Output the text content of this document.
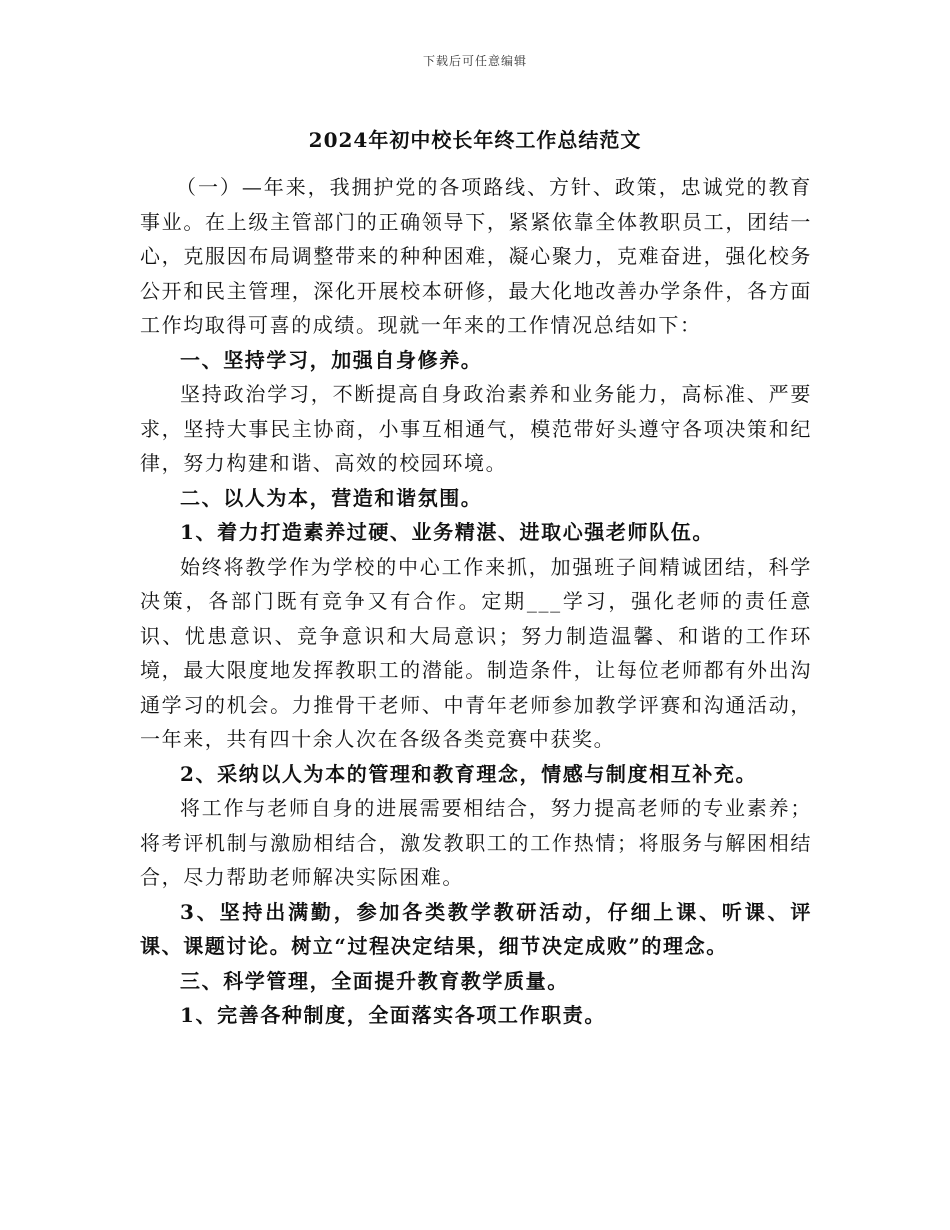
下载后可任意编辑
2024年初中校长年终工作总结范文

（一）—年来，我拥护党的各项路线、方针、政策，忠诚党的教育事业。在上级主管部门的正确领导下，紧紧依靠全体教职员工，团结一心，克服因布局调整带来的种种困难，凝心聚力，克难奋进，强化校务公开和民主管理，深化开展校本研修，最大化地改善办学条件，各方面工作均取得可喜的成绩。现就一年来的工作情况总结如下：

一、坚持学习，加强自身修养。

坚持政治学习，不断提高自身政治素养和业务能力，高标准、严要求，坚持大事民主协商，小事互相通气，模范带好头遵守各项决策和纪律，努力构建和谐、高效的校园环境。

二、以人为本，营造和谐氛围。

1、着力打造素养过硬、业务精湛、进取心强老师队伍。

始终将教学作为学校的中心工作来抓，加强班子间精诚团结，科学决策，各部门既有竞争又有合作。定期___学习，强化老师的责任意识、忧患意识、竞争意识和大局意识；努力制造温馨、和谐的工作环境，最大限度地发挥教职工的潜能。制造条件，让每位老师都有外出沟通学习的机会。力推骨干老师、中青年老师参加教学评赛和沟通活动，一年来，共有四十余人次在各级各类竞赛中获奖。

2、采纳以人为本的管理和教育理念，情感与制度相互补充。

将工作与老师自身的进展需要相结合，努力提高老师的专业素养；将考评机制与激励相结合，激发教职工的工作热情；将服务与解困相结合，尽力帮助老师解决实际困难。

3、坚持出满勤，参加各类教学教研活动，仔细上课、听课、评课、课题讨论。树立“过程决定结果，细节决定成败”的理念。

三、科学管理，全面提升教育教学质量。

1、完善各种制度，全面落实各项工作职责。
